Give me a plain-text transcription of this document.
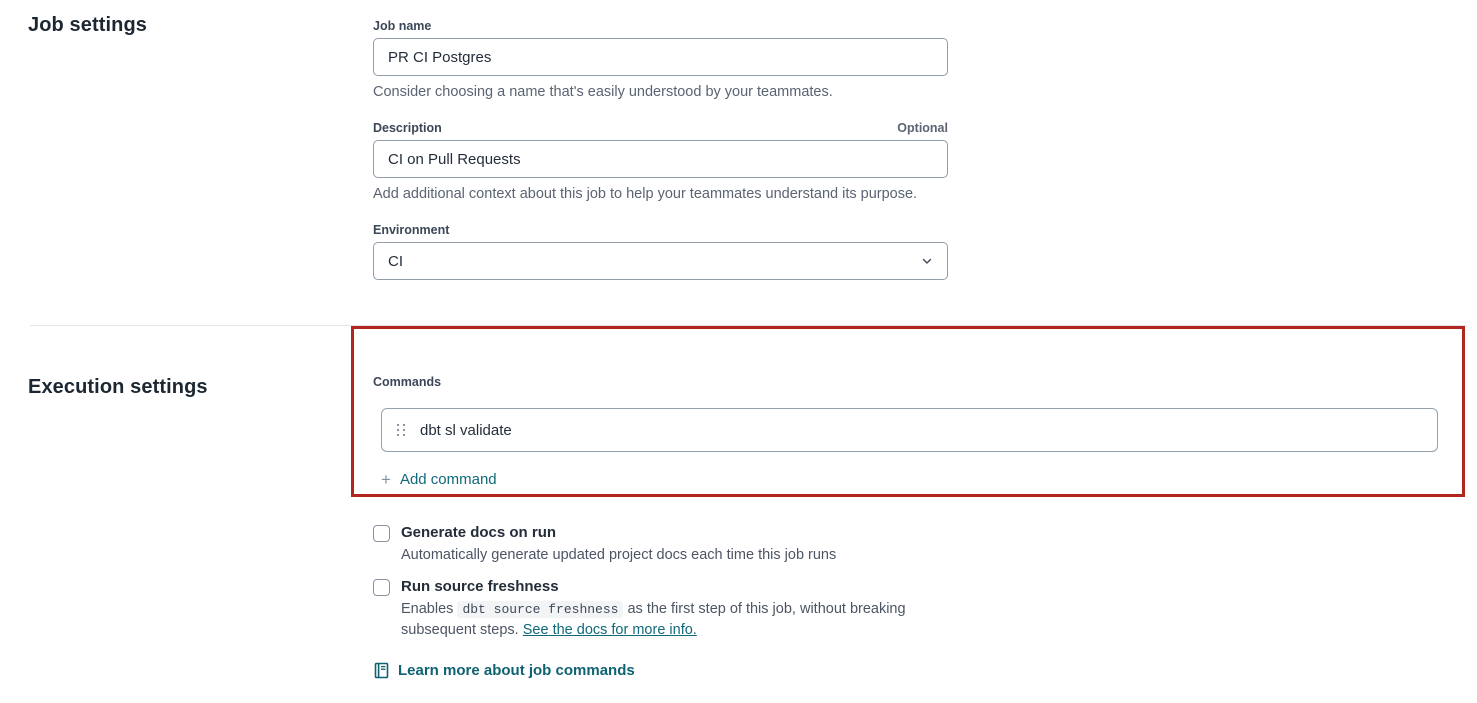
Job settings	Job name
PR CI Postgres

Consider choosing a name that's easily understood by your teammates.

Description	Optional
CI on Pull Requests

Add additional context about this job to help your teammates understand its purpose.

Environment
CI
Execution settings	Commands
dbt sl validate
+ Add command
Generate docs on run
Automatically generate updated project docs each time this job runs
Run source freshness
Enables dbt source freshness as the first step of this job, without breaking subsequent steps. See the docs for more info.
Learn more about job commands
